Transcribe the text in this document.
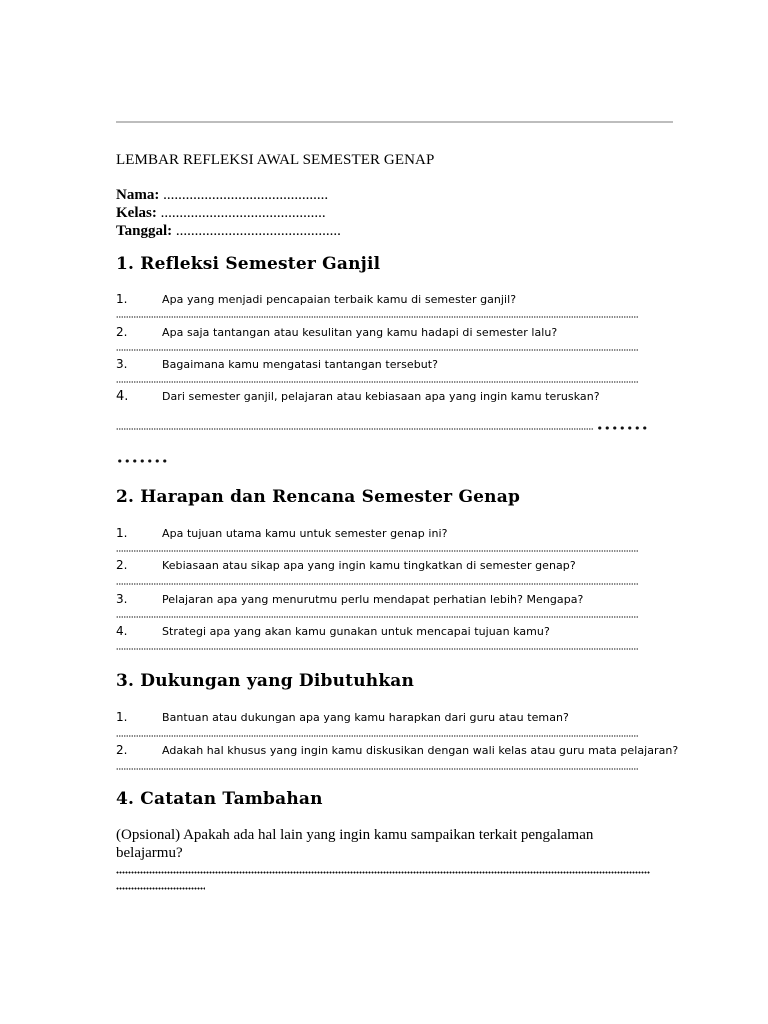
LEMBAR REFLEKSI AWAL SEMESTER GENAP
Nama: ............................................
Kelas: ............................................
Tanggal: ............................................
1. Refleksi Semester Ganjil
1.	Apa yang menjadi pencapaian terbaik kamu di semester ganjil?
2.	Apa saja tantangan atau kesulitan yang kamu hadapi di semester lalu?
3.	Bagaimana kamu mengatasi tantangan tersebut?
4.	Dari semester ganjil, pelajaran atau kebiasaan apa yang ingin kamu teruskan?
2. Harapan dan Rencana Semester Genap
1.	Apa tujuan utama kamu untuk semester genap ini?
2.	Kebiasaan atau sikap apa yang ingin kamu tingkatkan di semester genap?
3.	Pelajaran apa yang menurutmu perlu mendapat perhatian lebih? Mengapa?
4.	Strategi apa yang akan kamu gunakan untuk mencapai tujuan kamu?
3. Dukungan yang Dibutuhkan
1.	Bantuan atau dukungan apa yang kamu harapkan dari guru atau teman?
2.	Adakah hal khusus yang ingin kamu diskusikan dengan wali kelas atau guru mata pelajaran?
4. Catatan Tambahan
(Opsional) Apakah ada hal lain yang ingin kamu sampaikan terkait pengalaman belajarmu?
